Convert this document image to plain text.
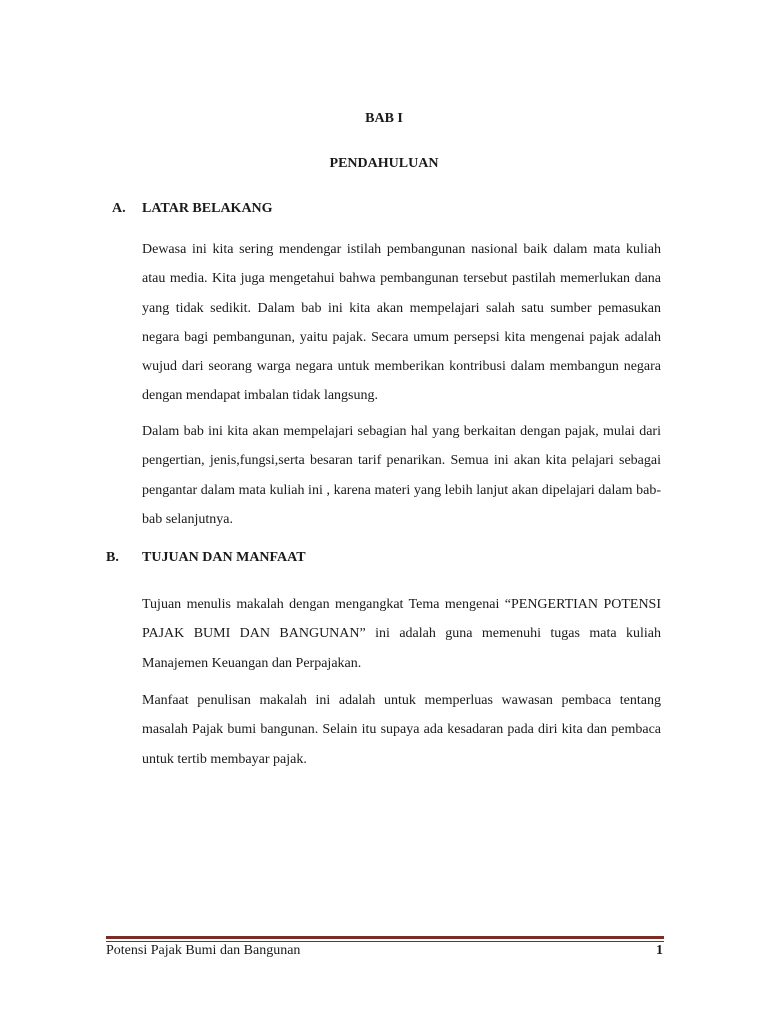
BAB I
PENDAHULUAN
A. LATAR BELAKANG

Dewasa ini kita sering mendengar istilah pembangunan nasional baik dalam mata kuliah atau media. Kita juga mengetahui bahwa pembangunan tersebut pastilah memerlukan dana yang tidak sedikit. Dalam bab ini kita akan mempelajari salah satu sumber pemasukan negara bagi pembangunan, yaitu pajak. Secara umum persepsi kita mengenai pajak adalah wujud dari seorang warga negara untuk memberikan kontribusi dalam membangun negara dengan mendapat imbalan tidak langsung.

Dalam bab ini kita akan mempelajari sebagian hal yang berkaitan dengan pajak, mulai dari pengertian, jenis,fungsi,serta besaran tarif penarikan. Semua ini akan kita pelajari sebagai pengantar dalam mata kuliah ini , karena materi yang lebih lanjut akan dipelajari dalam bab-bab selanjutnya.

B. TUJUAN DAN MANFAAT

Tujuan menulis makalah dengan mengangkat Tema mengenai “PENGERTIAN POTENSI PAJAK BUMI DAN BANGUNAN” ini adalah guna memenuhi tugas mata kuliah Manajemen Keuangan dan Perpajakan.

Manfaat penulisan makalah ini adalah untuk memperluas wawasan pembaca tentang masalah Pajak bumi bangunan. Selain itu supaya ada kesadaran pada diri kita dan pembaca untuk tertib membayar pajak.

Potensi Pajak Bumi dan Bangunan	1
